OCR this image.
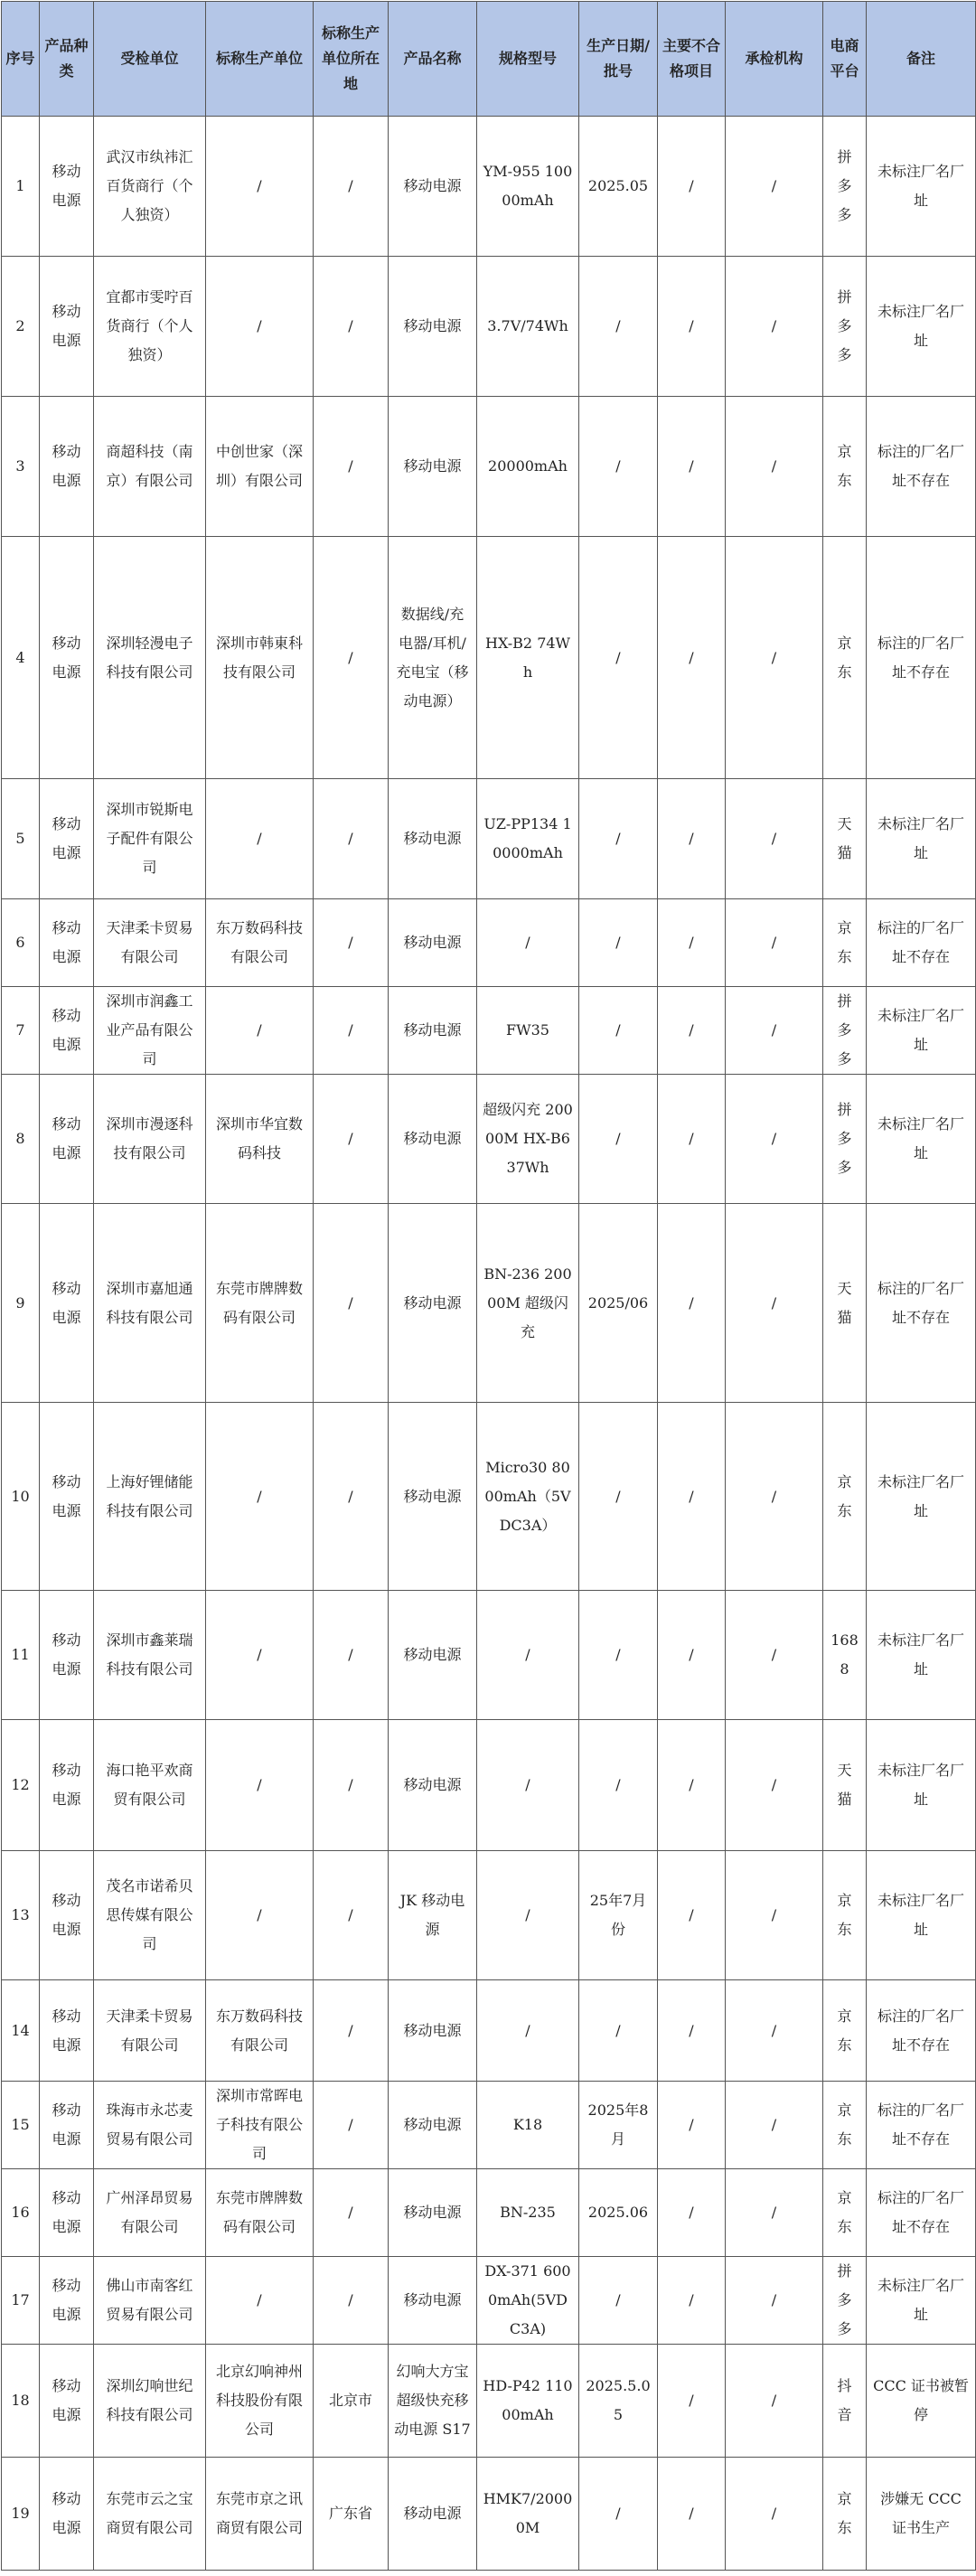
序号	产品种类	受检单位	标称生产单位	标称生产单位所在地	产品名称	规格型号	生产日期/批号	主要不合格项目	承检机构	电商平台	备注
1	移动电源	武汉市纨祎汇百货商行（个人独资）	/	/	移动电源	YM-955 10000mAh	2025.05	/	/	拼多多	未标注厂名厂址
2	移动电源	宜都市雯咛百货商行（个人独资）	/	/	移动电源	3.7V/74Wh	/	/	/	拼多多	未标注厂名厂址
3	移动电源	商超科技（南京）有限公司	中创世家（深圳）有限公司	/	移动电源	20000mAh	/	/	/	京东	标注的厂名厂址不存在
4	移动电源	深圳轻漫电子科技有限公司	深圳市韩東科技有限公司	/	数据线/充电器/耳机/充电宝（移动电源）	HX-B2 74Wh	/	/	/	京东	标注的厂名厂址不存在
5	移动电源	深圳市锐斯电子配件有限公司	/	/	移动电源	UZ-PP134 10000mAh	/	/	/	天猫	未标注厂名厂址
6	移动电源	天津柔卡贸易有限公司	东万数码科技有限公司	/	移动电源	/	/	/	/	京东	标注的厂名厂址不存在
7	移动电源	深圳市润鑫工业产品有限公司	/	/	移动电源	FW35	/	/	/	拼多多	未标注厂名厂址
8	移动电源	深圳市漫逐科技有限公司	深圳市华宜数码科技	/	移动电源	超级闪充 20000M HX-B6 37Wh	/	/	/	拼多多	未标注厂名厂址
9	移动电源	深圳市嘉旭通科技有限公司	东莞市牌牌数码有限公司	/	移动电源	BN-236 20000M 超级闪充	2025/06	/	/	天猫	标注的厂名厂址不存在
10	移动电源	上海好锂储能科技有限公司	/	/	移动电源	Micro30 8000mAh（5VDC3A）	/	/	/	京东	未标注厂名厂址
11	移动电源	深圳市鑫莱瑞科技有限公司	/	/	移动电源	/	/	/	/	1688	未标注厂名厂址
12	移动电源	海口艳平欢商贸有限公司	/	/	移动电源	/	/	/	/	天猫	未标注厂名厂址
13	移动电源	茂名市诺希贝思传媒有限公司	/	/	JK 移动电源	/	25年7月份	/	/	京东	未标注厂名厂址
14	移动电源	天津柔卡贸易有限公司	东万数码科技有限公司	/	移动电源	/	/	/	/	京东	标注的厂名厂址不存在
15	移动电源	珠海市永芯麦贸易有限公司	深圳市常晖电子科技有限公司	/	移动电源	K18	2025年8月	/	/	京东	标注的厂名厂址不存在
16	移动电源	广州泽昂贸易有限公司	东莞市牌牌数码有限公司	/	移动电源	BN-235	2025.06	/	/	京东	标注的厂名厂址不存在
17	移动电源	佛山市南客红贸易有限公司	/	/	移动电源	DX-371 6000mAh(5VDC3A)	/	/	/	拼多多	未标注厂名厂址
18	移动电源	深圳幻响世纪科技有限公司	北京幻响神州科技股份有限公司	北京市	幻响大方宝超级快充移动电源 S17	HD-P42 11000mAh	2025.5.05	/	/	抖音	CCC 证书被暂停
19	移动电源	东莞市云之宝商贸有限公司	东莞市京之讯商贸有限公司	广东省	移动电源	HMK7/20000M	/	/	/	京东	涉嫌无 CCC 证书生产
